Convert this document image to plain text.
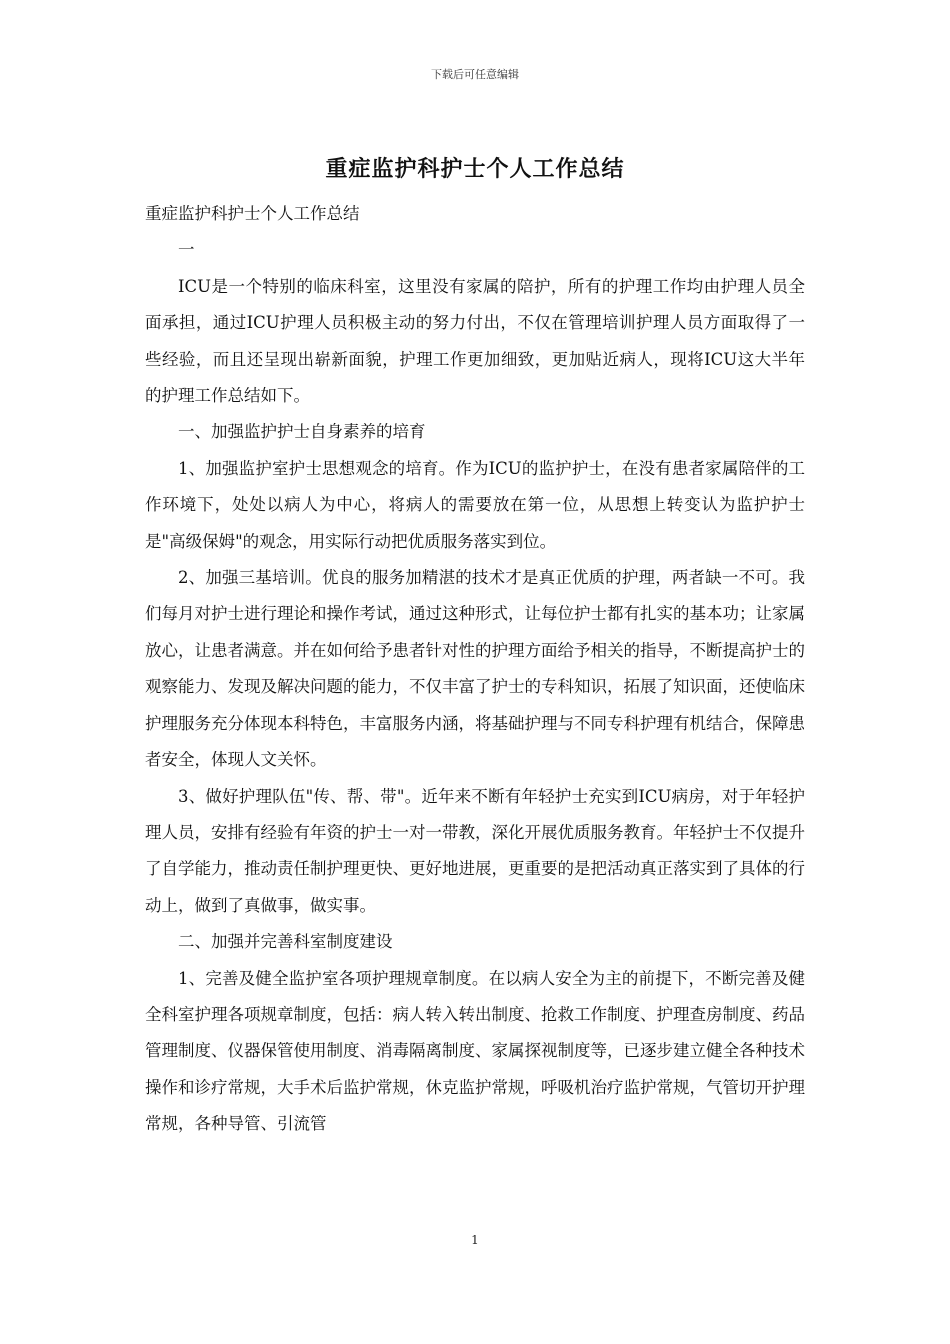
下载后可任意编辑
重症监护科护士个人工作总结

重症监护科护士个人工作总结

一

ICU是一个特别的临床科室，这里没有家属的陪护，所有的护理工作均由护理人员全面承担，通过ICU护理人员积极主动的努力付出，不仅在管理培训护理人员方面取得了一些经验，而且还呈现出崭新面貌，护理工作更加细致，更加贴近病人，现将ICU这大半年的护理工作总结如下。

一、加强监护护士自身素养的培育

1、加强监护室护士思想观念的培育。作为ICU的监护护士，在没有患者家属陪伴的工作环境下，处处以病人为中心，将病人的需要放在第一位，从思想上转变认为监护护士是"高级保姆"的观念，用实际行动把优质服务落实到位。

2、加强三基培训。优良的服务加精湛的技术才是真正优质的护理，两者缺一不可。我们每月对护士进行理论和操作考试，通过这种形式，让每位护士都有扎实的基本功；让家属放心，让患者满意。并在如何给予患者针对性的护理方面给予相关的指导，不断提高护士的观察能力、发现及解决问题的能力，不仅丰富了护士的专科知识，拓展了知识面，还使临床护理服务充分体现本科特色，丰富服务内涵，将基础护理与不同专科护理有机结合，保障患者安全，体现人文关怀。

3、做好护理队伍"传、帮、带"。近年来不断有年轻护士充实到ICU病房，对于年轻护理人员，安排有经验有年资的护士一对一带教，深化开展优质服务教育。年轻护士不仅提升了自学能力，推动责任制护理更快、更好地进展，更重要的是把活动真正落实到了具体的行动上，做到了真做事，做实事。

二、加强并完善科室制度建设

1、完善及健全监护室各项护理规章制度。在以病人安全为主的前提下，不断完善及健全科室护理各项规章制度，包括：病人转入转出制度、抢救工作制度、护理查房制度、药品管理制度、仪器保管使用制度、消毒隔离制度、家属探视制度等，已逐步建立健全各种技术操作和诊疗常规，大手术后监护常规，休克监护常规，呼吸机治疗监护常规，气管切开护理常规，各种导管、引流管

1
